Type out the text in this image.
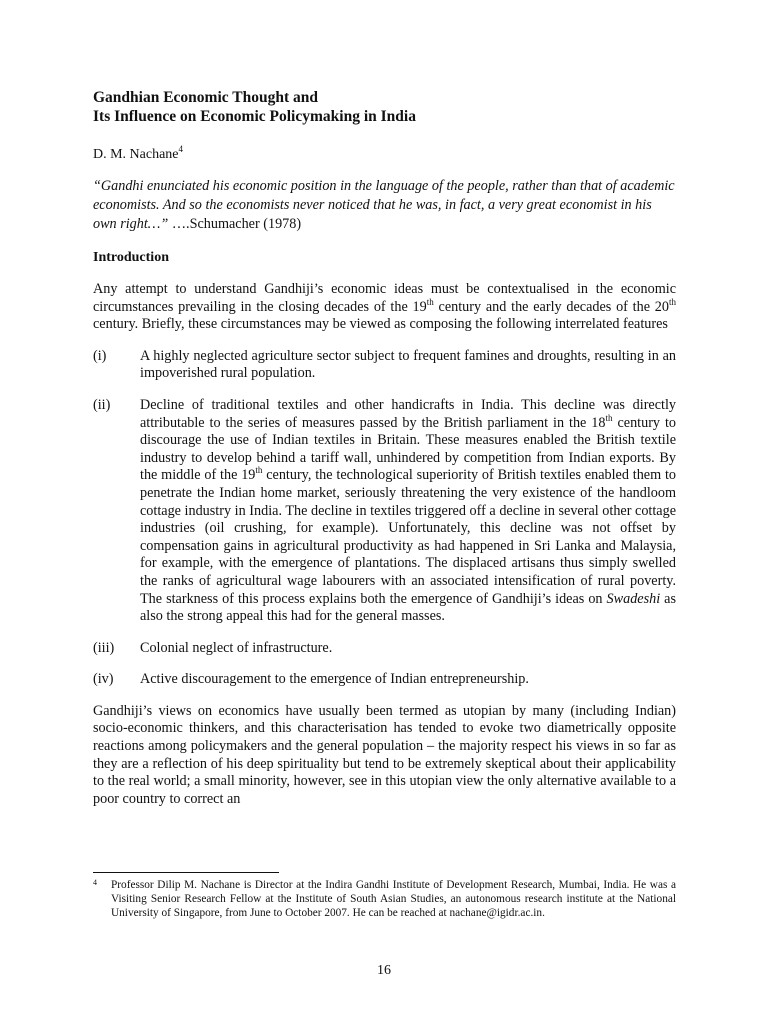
Gandhian Economic Thought and
Its Influence on Economic Policymaking in India
D. M. Nachane$^4$
“Gandhi enunciated his economic position in the language of the people, rather than that of academic economists. And so the economists never noticed that he was, in fact, a very great economist in his own right…” ….Schumacher (1978)
Introduction
Any attempt to understand Gandhiji’s economic ideas must be contextualised in the economic circumstances prevailing in the closing decades of the 19th century and the early decades of the 20th century. Briefly, these circumstances may be viewed as composing the following interrelated features
(i) A highly neglected agriculture sector subject to frequent famines and droughts, resulting in an impoverished rural population.
(ii) Decline of traditional textiles and other handicrafts in India. This decline was directly attributable to the series of measures passed by the British parliament in the 18th century to discourage the use of Indian textiles in Britain. These measures enabled the British textile industry to develop behind a tariff wall, unhindered by competition from Indian exports. By the middle of the 19th century, the technological superiority of British textiles enabled them to penetrate the Indian home market, seriously threatening the very existence of the handloom cottage industry in India. The decline in textiles triggered off a decline in several other cottage industries (oil crushing, for example). Unfortunately, this decline was not offset by compensation gains in agricultural productivity as had happened in Sri Lanka and Malaysia, for example, with the emergence of plantations. The displaced artisans thus simply swelled the ranks of agricultural wage labourers with an associated intensification of rural poverty. The starkness of this process explains both the emergence of Gandhiji’s ideas on Swadeshi as also the strong appeal this had for the general masses.
(iii) Colonial neglect of infrastructure.
(iv) Active discouragement to the emergence of Indian entrepreneurship.
Gandhiji’s views on economics have usually been termed as utopian by many (including Indian) socio-economic thinkers, and this characterisation has tended to evoke two diametrically opposite reactions among policymakers and the general population – the majority respect his views in so far as they are a reflection of his deep spirituality but tend to be extremely skeptical about their applicability to the real world; a small minority, however, see in this utopian view the only alternative available to a poor country to correct an
4	Professor Dilip M. Nachane is Director at the Indira Gandhi Institute of Development Research, Mumbai, India. He was a Visiting Senior Research Fellow at the Institute of South Asian Studies, an autonomous research institute at the National University of Singapore, from June to October 2007. He can be reached at nachane@igidr.ac.in.
16
